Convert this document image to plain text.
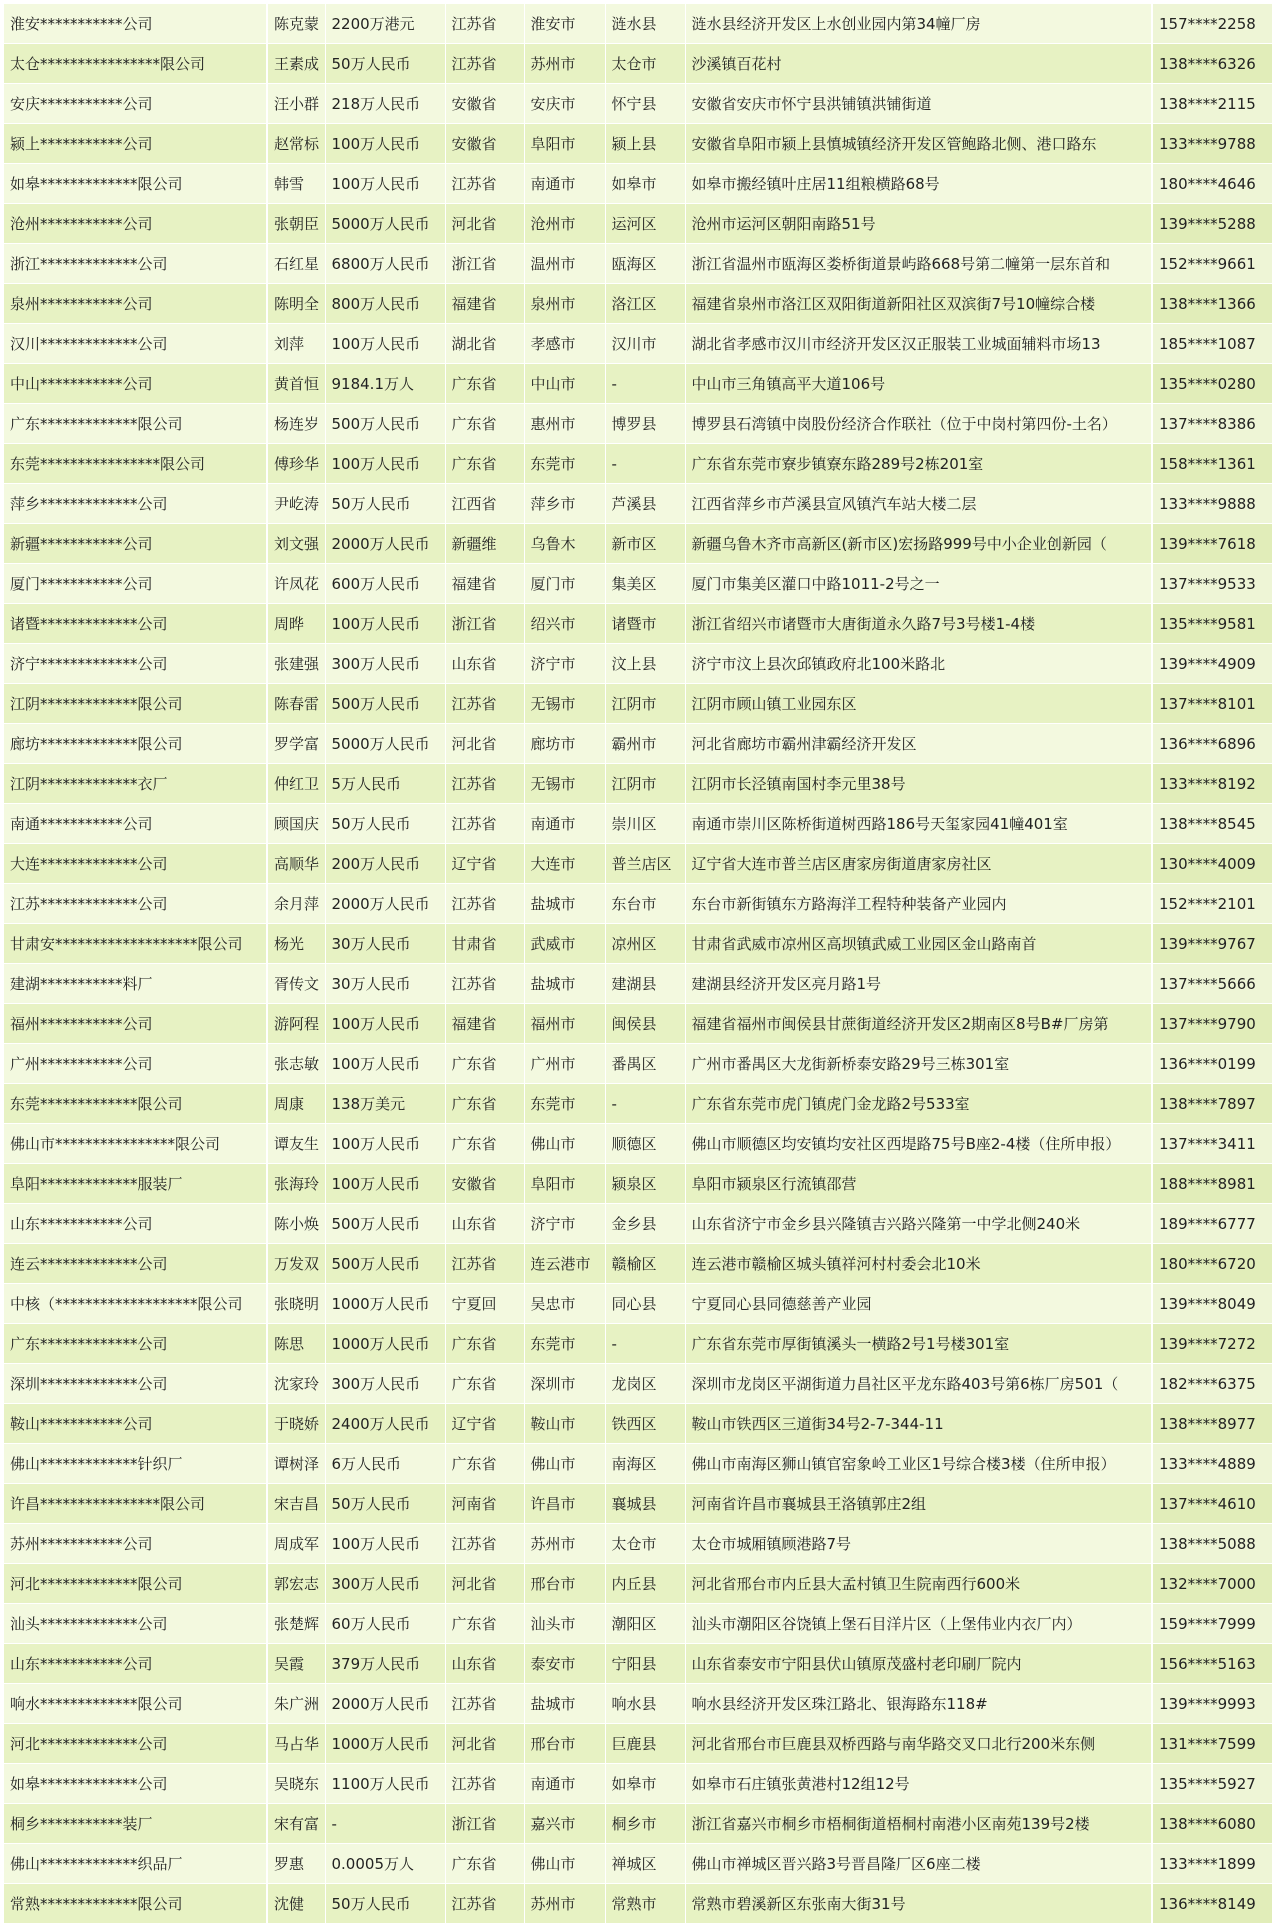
淮安***********公司	陈克蒙	2200万港元	江苏省	淮安市	涟水县	涟水县经济开发区上水创业园内第34幢厂房	157****2258
太仓****************限公司	王素成	50万人民币	江苏省	苏州市	太仓市	沙溪镇百花村	138****6326
安庆***********公司	汪小群	218万人民币	安徽省	安庆市	怀宁县	安徽省安庆市怀宁县洪铺镇洪铺街道	138****2115
颍上***********公司	赵常标	100万人民币	安徽省	阜阳市	颍上县	安徽省阜阳市颍上县慎城镇经济开发区管鲍路北侧、港口路东	133****9788
如皋*************限公司	韩雪	100万人民币	江苏省	南通市	如皋市	如皋市搬经镇叶庄居11组粮横路68号	180****4646
沧州***********公司	张朝臣	5000万人民币	河北省	沧州市	运河区	沧州市运河区朝阳南路51号	139****5288
浙江*************公司	石红星	6800万人民币	浙江省	温州市	瓯海区	浙江省温州市瓯海区娄桥街道景屿路668号第二幢第一层东首和	152****9661
泉州***********公司	陈明全	800万人民币	福建省	泉州市	洛江区	福建省泉州市洛江区双阳街道新阳社区双滨街7号10幢综合楼	138****1366
汉川*************公司	刘萍	100万人民币	湖北省	孝感市	汉川市	湖北省孝感市汉川市经济开发区汉正服装工业城面辅料市场13	185****1087
中山***********公司	黄首恒	9184.1万人	广东省	中山市	-	中山市三角镇高平大道106号	135****0280
广东*************限公司	杨连岁	500万人民币	广东省	惠州市	博罗县	博罗县石湾镇中岗股份经济合作联社（位于中岗村第四份-土名）	137****8386
东莞****************限公司	傅珍华	100万人民币	广东省	东莞市	-	广东省东莞市寮步镇寮东路289号2栋201室	158****1361
萍乡*************公司	尹屹涛	50万人民币	江西省	萍乡市	芦溪县	江西省萍乡市芦溪县宣风镇汽车站大楼二层	133****9888
新疆***********公司	刘文强	2000万人民币	新疆维	乌鲁木	新市区	新疆乌鲁木齐市高新区(新市区)宏扬路999号中小企业创新园（	139****7618
厦门***********公司	许凤花	600万人民币	福建省	厦门市	集美区	厦门市集美区灌口中路1011-2号之一	137****9533
诸暨*************公司	周晔	100万人民币	浙江省	绍兴市	诸暨市	浙江省绍兴市诸暨市大唐街道永久路7号3号楼1-4楼	135****9581
济宁*************公司	张建强	300万人民币	山东省	济宁市	汶上县	济宁市汶上县次邱镇政府北100米路北	139****4909
江阴*************限公司	陈春雷	500万人民币	江苏省	无锡市	江阴市	江阴市顾山镇工业园东区	137****8101
廊坊*************限公司	罗学富	5000万人民币	河北省	廊坊市	霸州市	河北省廊坊市霸州津霸经济开发区	136****6896
江阴*************衣厂	仲红卫	5万人民币	江苏省	无锡市	江阴市	江阴市长泾镇南国村李元里38号	133****8192
南通***********公司	顾国庆	50万人民币	江苏省	南通市	崇川区	南通市崇川区陈桥街道树西路186号天玺家园41幢401室	138****8545
大连*************公司	高顺华	200万人民币	辽宁省	大连市	普兰店区	辽宁省大连市普兰店区唐家房街道唐家房社区	130****4009
江苏*************公司	余月萍	2000万人民币	江苏省	盐城市	东台市	东台市新街镇东方路海洋工程特种装备产业园内	152****2101
甘肃安*******************限公司	杨光	30万人民币	甘肃省	武威市	凉州区	甘肃省武威市凉州区高坝镇武威工业园区金山路南首	139****9767
建湖***********料厂	胥传文	30万人民币	江苏省	盐城市	建湖县	建湖县经济开发区亮月路1号	137****5666
福州***********公司	游阿程	100万人民币	福建省	福州市	闽侯县	福建省福州市闽侯县甘蔗街道经济开发区2期南区8号B#厂房第	137****9790
广州***********公司	张志敏	100万人民币	广东省	广州市	番禺区	广州市番禺区大龙街新桥泰安路29号三栋301室	136****0199
东莞*************限公司	周康	138万美元	广东省	东莞市	-	广东省东莞市虎门镇虎门金龙路2号533室	138****7897
佛山市****************限公司	谭友生	100万人民币	广东省	佛山市	顺德区	佛山市顺德区均安镇均安社区西堤路75号B座2-4楼（住所申报）	137****3411
阜阳*************服装厂	张海玲	100万人民币	安徽省	阜阳市	颍泉区	阜阳市颍泉区行流镇邵营	188****8981
山东***********公司	陈小焕	500万人民币	山东省	济宁市	金乡县	山东省济宁市金乡县兴隆镇吉兴路兴隆第一中学北侧240米	189****6777
连云*************公司	万发双	500万人民币	江苏省	连云港市	赣榆区	连云港市赣榆区城头镇祥河村村委会北10米	180****6720
中核（*******************限公司	张晓明	1000万人民币	宁夏回	吴忠市	同心县	宁夏同心县同德慈善产业园	139****8049
广东*************公司	陈思	1000万人民币	广东省	东莞市	-	广东省东莞市厚街镇溪头一横路2号1号楼301室	139****7272
深圳*************公司	沈家玲	300万人民币	广东省	深圳市	龙岗区	深圳市龙岗区平湖街道力昌社区平龙东路403号第6栋厂房501（	182****6375
鞍山***********公司	于晓娇	2400万人民币	辽宁省	鞍山市	铁西区	鞍山市铁西区三道街34号2-7-344-11	138****8977
佛山*************针织厂	谭树泽	6万人民币	广东省	佛山市	南海区	佛山市南海区狮山镇官窑象岭工业区1号综合楼3楼（住所申报）	133****4889
许昌****************限公司	宋吉昌	50万人民币	河南省	许昌市	襄城县	河南省许昌市襄城县王洛镇郭庄2组	137****4610
苏州***********公司	周成军	100万人民币	江苏省	苏州市	太仓市	太仓市城厢镇顾港路7号	138****5088
河北*************限公司	郭宏志	300万人民币	河北省	邢台市	内丘县	河北省邢台市内丘县大孟村镇卫生院南西行600米	132****7000
汕头*************公司	张楚辉	60万人民币	广东省	汕头市	潮阳区	汕头市潮阳区谷饶镇上堡石目洋片区（上堡伟业内衣厂内）	159****7999
山东***********公司	吴霞	379万人民币	山东省	泰安市	宁阳县	山东省泰安市宁阳县伏山镇原茂盛村老印刷厂院内	156****5163
响水*************限公司	朱广洲	2000万人民币	江苏省	盐城市	响水县	响水县经济开发区珠江路北、银海路东118#	139****9993
河北*************公司	马占华	1000万人民币	河北省	邢台市	巨鹿县	河北省邢台市巨鹿县双桥西路与南华路交叉口北行200米东侧	131****7599
如皋*************公司	吴晓东	1100万人民币	江苏省	南通市	如皋市	如皋市石庄镇张黄港村12组12号	135****5927
桐乡***********装厂	宋有富	-	浙江省	嘉兴市	桐乡市	浙江省嘉兴市桐乡市梧桐街道梧桐村南港小区南苑139号2楼	138****6080
佛山*************织品厂	罗惠	0.0005万人	广东省	佛山市	禅城区	佛山市禅城区晋兴路3号晋昌隆厂区6座二楼	133****1899
常熟*************限公司	沈健	50万人民币	江苏省	苏州市	常熟市	常熟市碧溪新区东张南大街31号	136****8149
